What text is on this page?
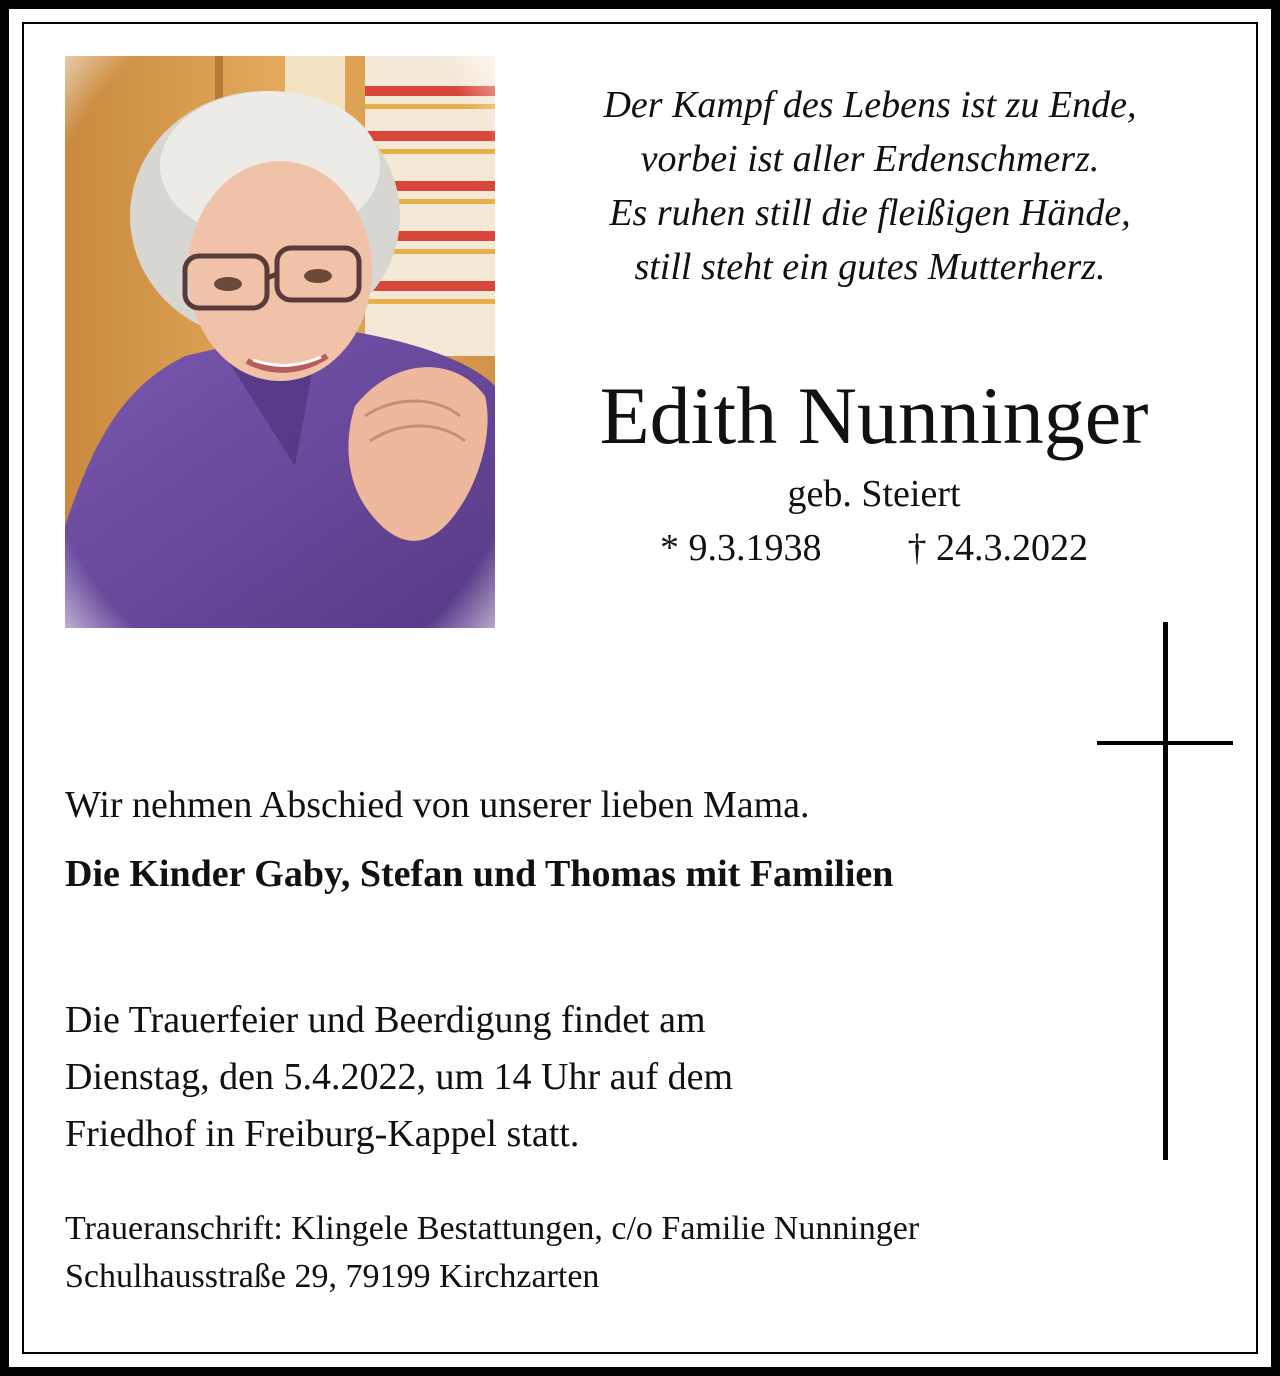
Der Kampf des Lebens ist zu Ende,
vorbei ist aller Erdenschmerz.
Es ruhen still die fleißigen Hände,
still steht ein gutes Mutterherz.
Edith Nunninger
geb. Steiert
* 9.3.1938 † 24.3.2022
Wir nehmen Abschied von unserer lieben Mama.
Die Kinder Gaby, Stefan und Thomas mit Familien
Die Trauerfeier und Beerdigung findet am
Dienstag, den 5.4.2022, um 14 Uhr auf dem
Friedhof in Freiburg-Kappel statt.
Traueranschrift: Klingele Bestattungen, c/o Familie Nunninger
Schulhausstraße 29, 79199 Kirchzarten
